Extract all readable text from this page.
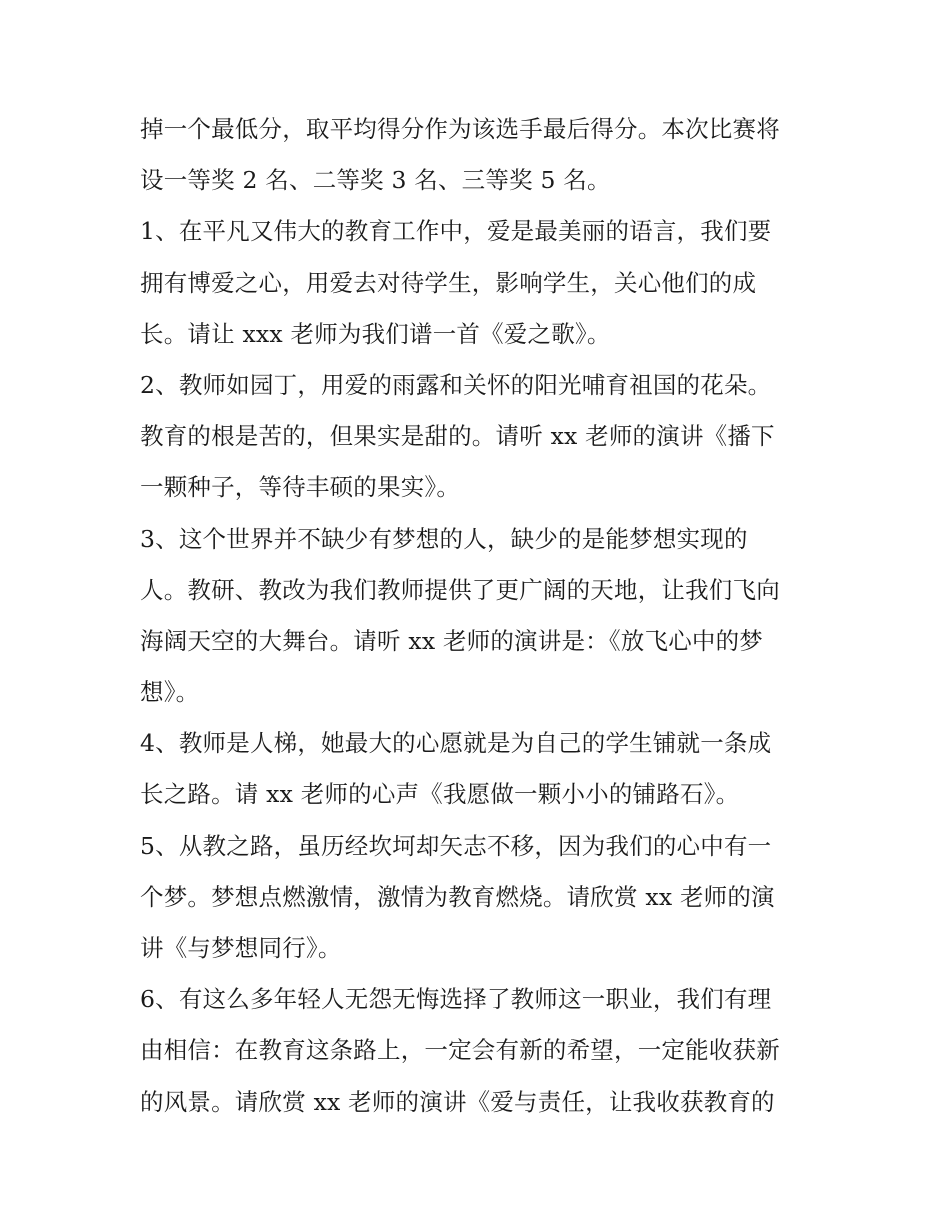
掉一个最低分，取平均得分作为该选手最后得分。本次比赛将
设一等奖 2 名、二等奖 3 名、三等奖 5 名。
1、在平凡又伟大的教育工作中，爱是最美丽的语言，我们要
拥有博爱之心，用爱去对待学生，影响学生，关心他们的成
长。请让 xxx 老师为我们谱一首《爱之歌》。
2、教师如园丁，用爱的雨露和关怀的阳光哺育祖国的花朵。
教育的根是苦的，但果实是甜的。请听 xx 老师的演讲《播下
一颗种子，等待丰硕的果实》。
3、这个世界并不缺少有梦想的人，缺少的是能梦想实现的
人。教研、教改为我们教师提供了更广阔的天地，让我们飞向
海阔天空的大舞台。请听 xx 老师的演讲是：《放飞心中的梦
想》。
4、教师是人梯，她最大的心愿就是为自己的学生铺就一条成
长之路。请 xx 老师的心声《我愿做一颗小小的铺路石》。
5、从教之路，虽历经坎坷却矢志不移，因为我们的心中有一
个梦。梦想点燃激情，激情为教育燃烧。请欣赏 xx 老师的演
讲《与梦想同行》。
6、有这么多年轻人无怨无悔选择了教师这一职业，我们有理
由相信：在教育这条路上，一定会有新的希望，一定能收获新
的风景。请欣赏 xx 老师的演讲《爱与责任，让我收获教育的
